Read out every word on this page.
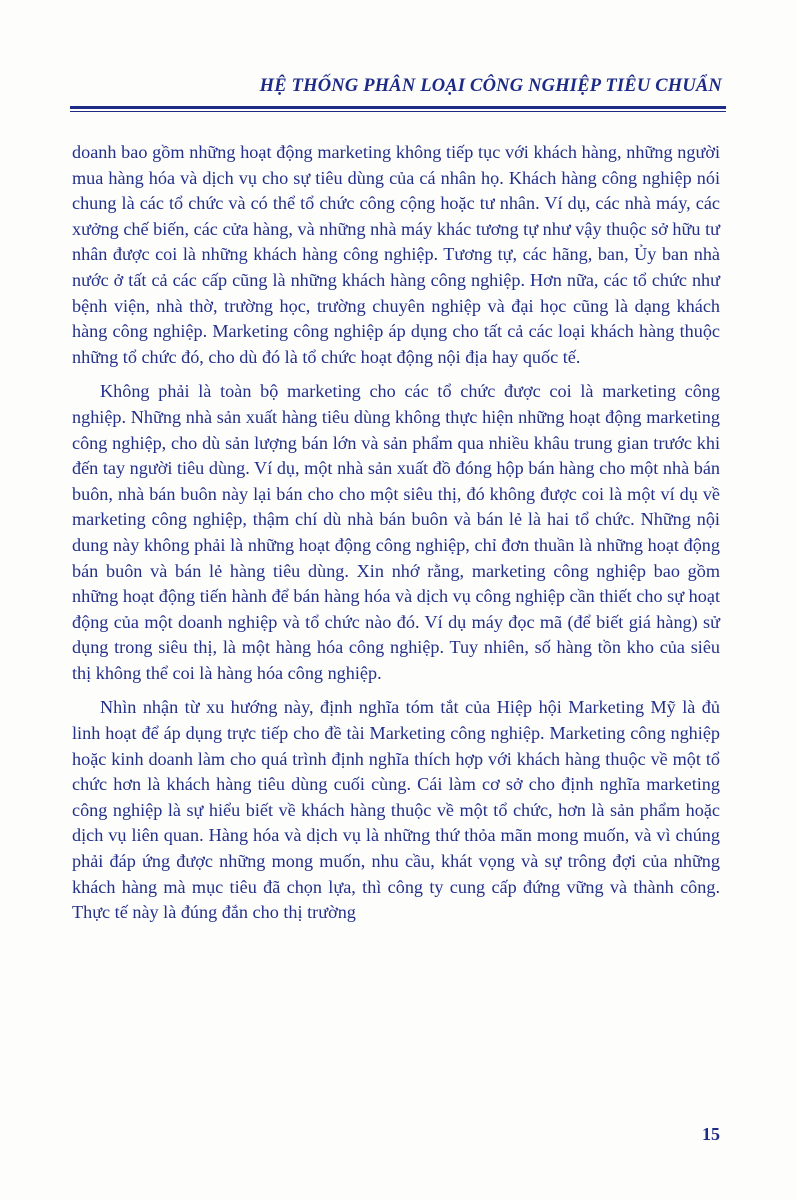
HỆ THỐNG PHÂN LOẠI CÔNG NGHIỆP TIÊU CHUẨN

doanh bao gồm những hoạt động marketing không tiếp tục với khách hàng, những người mua hàng hóa và dịch vụ cho sự tiêu dùng của cá nhân họ. Khách hàng công nghiệp nói chung là các tổ chức và có thể tổ chức công cộng hoặc tư nhân. Ví dụ, các nhà máy, các xưởng chế biến, các cửa hàng, và những nhà máy khác tương tự như vậy thuộc sở hữu tư nhân được coi là những khách hàng công nghiệp. Tương tự, các hãng, ban, Ủy ban nhà nước ở tất cả các cấp cũng là những khách hàng công nghiệp. Hơn nữa, các tổ chức như bệnh viện, nhà thờ, trường học, trường chuyên nghiệp và đại học cũng là dạng khách hàng công nghiệp. Marketing công nghiệp áp dụng cho tất cả các loại khách hàng thuộc những tổ chức đó, cho dù đó là tổ chức hoạt động nội địa hay quốc tế.

Không phải là toàn bộ marketing cho các tổ chức được coi là marketing công nghiệp. Những nhà sản xuất hàng tiêu dùng không thực hiện những hoạt động marketing công nghiệp, cho dù sản lượng bán lớn và sản phẩm qua nhiều khâu trung gian trước khi đến tay người tiêu dùng. Ví dụ, một nhà sản xuất đồ đóng hộp bán hàng cho một nhà bán buôn, nhà bán buôn này lại bán cho cho một siêu thị, đó không được coi là một ví dụ về marketing công nghiệp, thậm chí dù nhà bán buôn và bán lẻ là hai tổ chức. Những nội dung này không phải là những hoạt động công nghiệp, chỉ đơn thuần là những hoạt động bán buôn và bán lẻ hàng tiêu dùng. Xin nhớ rằng, marketing công nghiệp bao gồm những hoạt động tiến hành để bán hàng hóa và dịch vụ công nghiệp cần thiết cho sự hoạt động của một doanh nghiệp và tổ chức nào đó. Ví dụ máy đọc mã (để biết giá hàng) sử dụng trong siêu thị, là một hàng hóa công nghiệp. Tuy nhiên, số hàng tồn kho của siêu thị không thể coi là hàng hóa công nghiệp.

Nhìn nhận từ xu hướng này, định nghĩa tóm tắt của Hiệp hội Marketing Mỹ là đủ linh hoạt để áp dụng trực tiếp cho đề tài Marketing công nghiệp. Marketing công nghiệp hoặc kinh doanh làm cho quá trình định nghĩa thích hợp với khách hàng thuộc về một tổ chức hơn là khách hàng tiêu dùng cuối cùng. Cái làm cơ sở cho định nghĩa marketing công nghiệp là sự hiểu biết về khách hàng thuộc về một tổ chức, hơn là sản phẩm hoặc dịch vụ liên quan. Hàng hóa và dịch vụ là những thứ thỏa mãn mong muốn, và vì chúng phải đáp ứng được những mong muốn, nhu cầu, khát vọng và sự trông đợi của những khách hàng mà mục tiêu đã chọn lựa, thì công ty cung cấp đứng vững và thành công. Thực tế này là đúng đắn cho thị trường

15
